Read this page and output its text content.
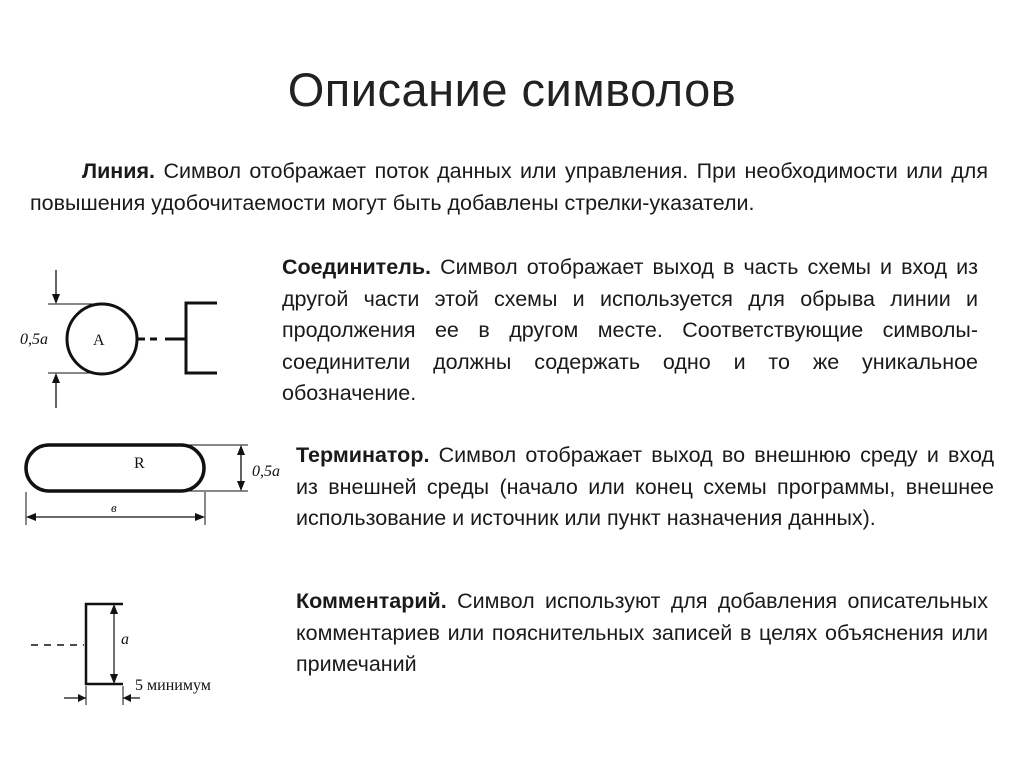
Описание символов
Линия. Символ отображает поток данных или управления. При необходимости или для повышения удобочитаемости могут быть добавлены стрелки-указатели.
Соединитель. Символ отображает выход в часть схемы и вход из другой части этой схемы и используется для обрыва линии и продолжения ее в другом месте. Соответствующие символы-соединители должны содержать одно и то же уникальное обозначение.
Терминатор. Символ отображает выход во внешнюю среду и вход из внешней среды (начало или конец схемы программы, внешнее использование и источник или пункт назначения данных).
Комментарий. Символ используют для добавления описательных комментариев или пояснительных записей в целях объяснения или примечаний
0,5а	A
R	0,5а
в
а
5 минимум
